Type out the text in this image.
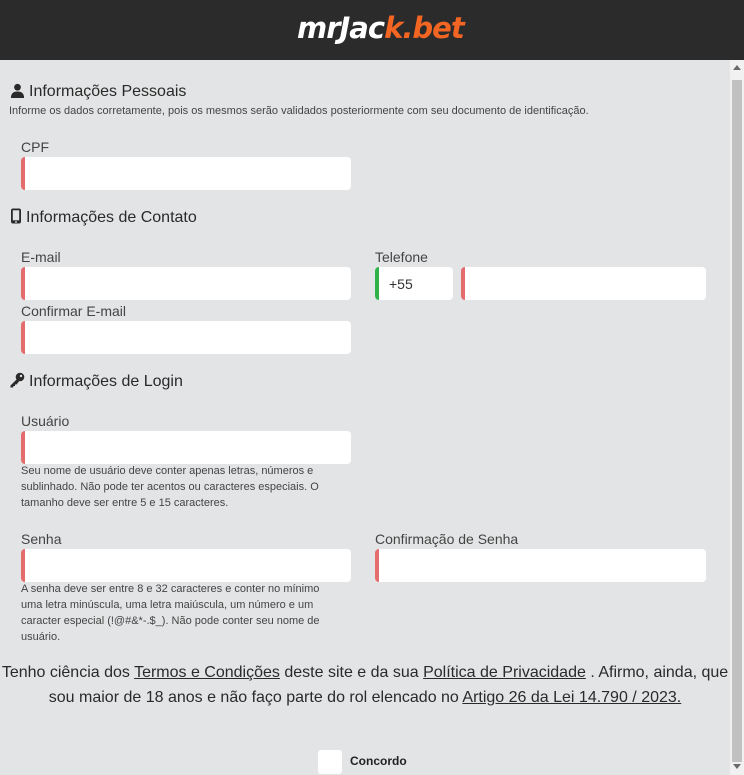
mrJack.bet
Informações Pessoais
Informe os dados corretamente, pois os mesmos serão validados posteriormente com seu documento de identificação.
CPF
Informações de Contato
E-mail	Telefone
+55
Confirmar E-mail
Informações de Login
Usuário
Seu nome de usuário deve conter apenas letras, números e sublinhado. Não pode ter acentos ou caracteres especiais. O tamanho deve ser entre 5 e 15 caracteres.
Senha
A senha deve ser entre 8 e 32 caracteres e conter no mínimo uma letra minúscula, uma letra maiúscula, um número e um caracter especial (!@#&*-.$_). Não pode conter seu nome de usuário.
Confirmação de Senha
Tenho ciência dos Termos e Condições deste site e da sua Política de Privacidade . Afirmo, ainda, que sou maior de 18 anos e não faço parte do rol elencado no Artigo 26 da Lei 14.790 / 2023.
Concordo
